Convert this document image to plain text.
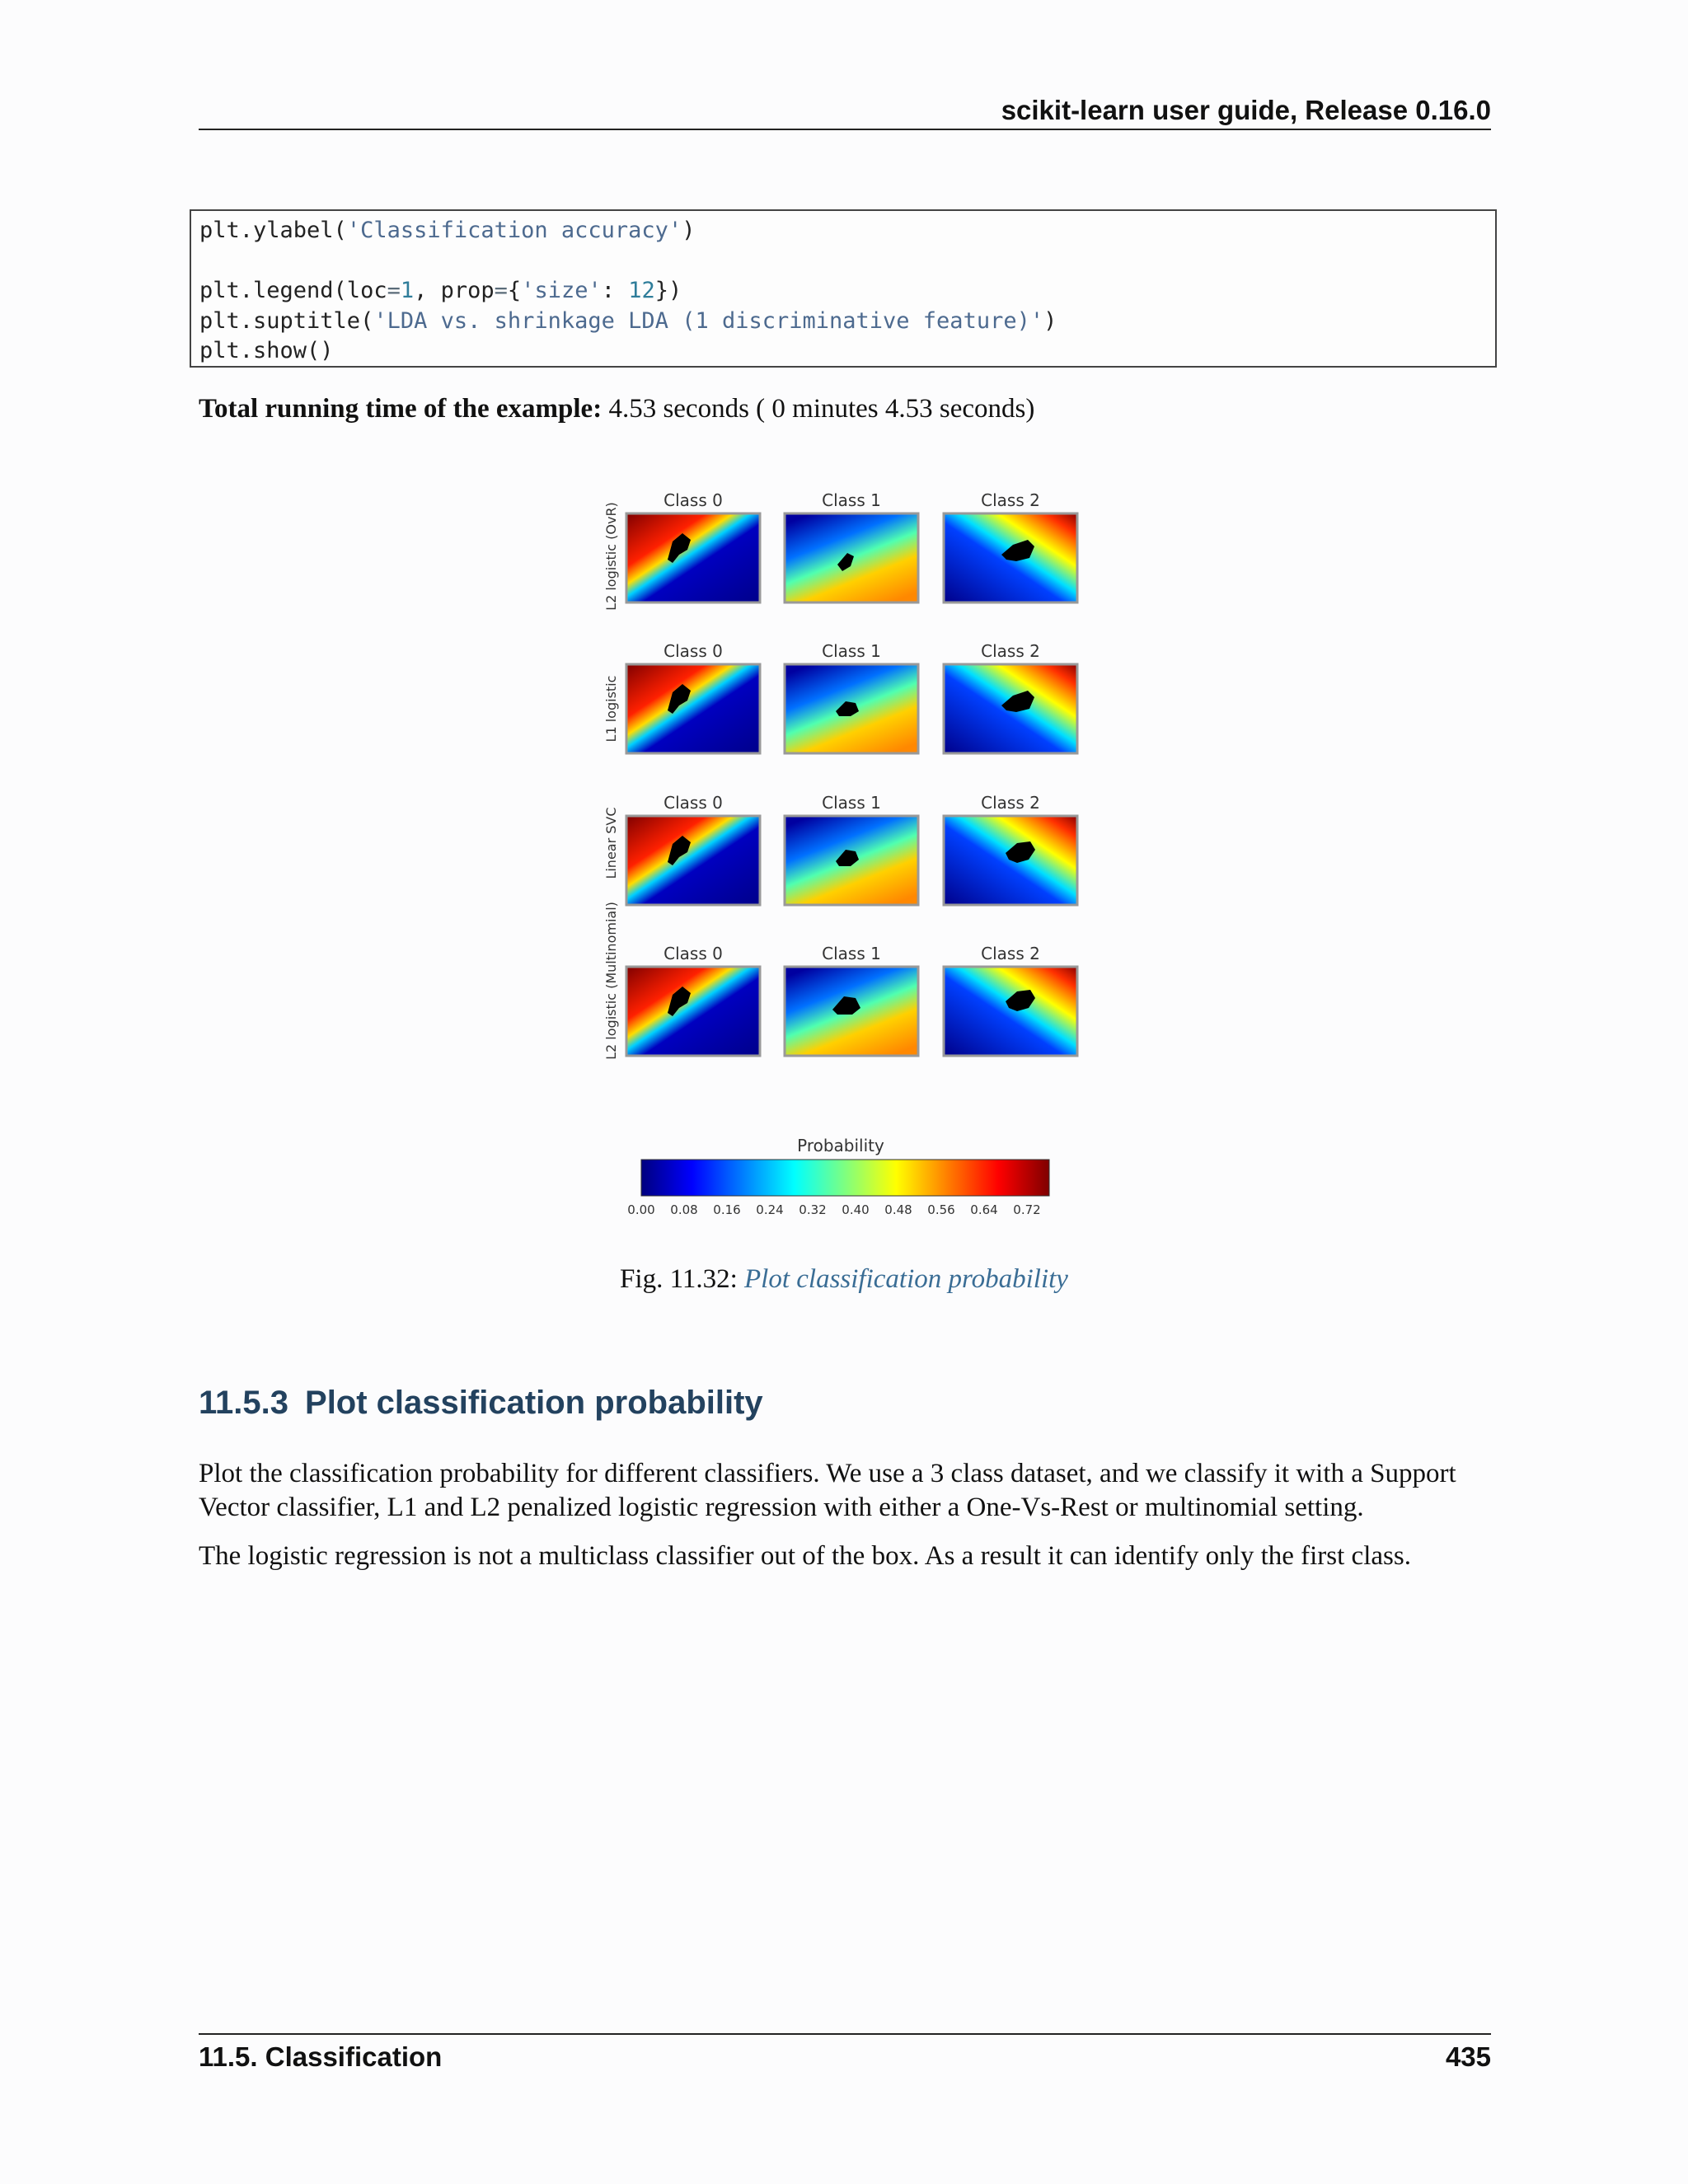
scikit-learn user guide, Release 0.16.0
plt.ylabel('Classification accuracy')

plt.legend(loc=1, prop={'size': 12})
plt.suptitle('LDA vs. shrinkage LDA (1 discriminative feature)')
plt.show()
Total running time of the example: 4.53 seconds ( 0 minutes 4.53 seconds)
L2 logistic (OvR)
L1 logistic
Linear SVC
L2 logistic (Multinomial)
Class 0	Class 1	Class 2
Class 0	Class 1	Class 2
Class 0	Class 1	Class 2
Class 0	Class 1	Class 2
Probability
0.00 0.08 0.16 0.24 0.32 0.40 0.48 0.56 0.64 0.72
Fig. 11.32: Plot classification probability
11.5.3 Plot classification probability
Plot the classification probability for different classifiers. We use a 3 class dataset, and we classify it with a Support Vector classifier, L1 and L2 penalized logistic regression with either a One-Vs-Rest or multinomial setting.
The logistic regression is not a multiclass classifier out of the box. As a result it can identify only the first class.
11.5. Classification	435
